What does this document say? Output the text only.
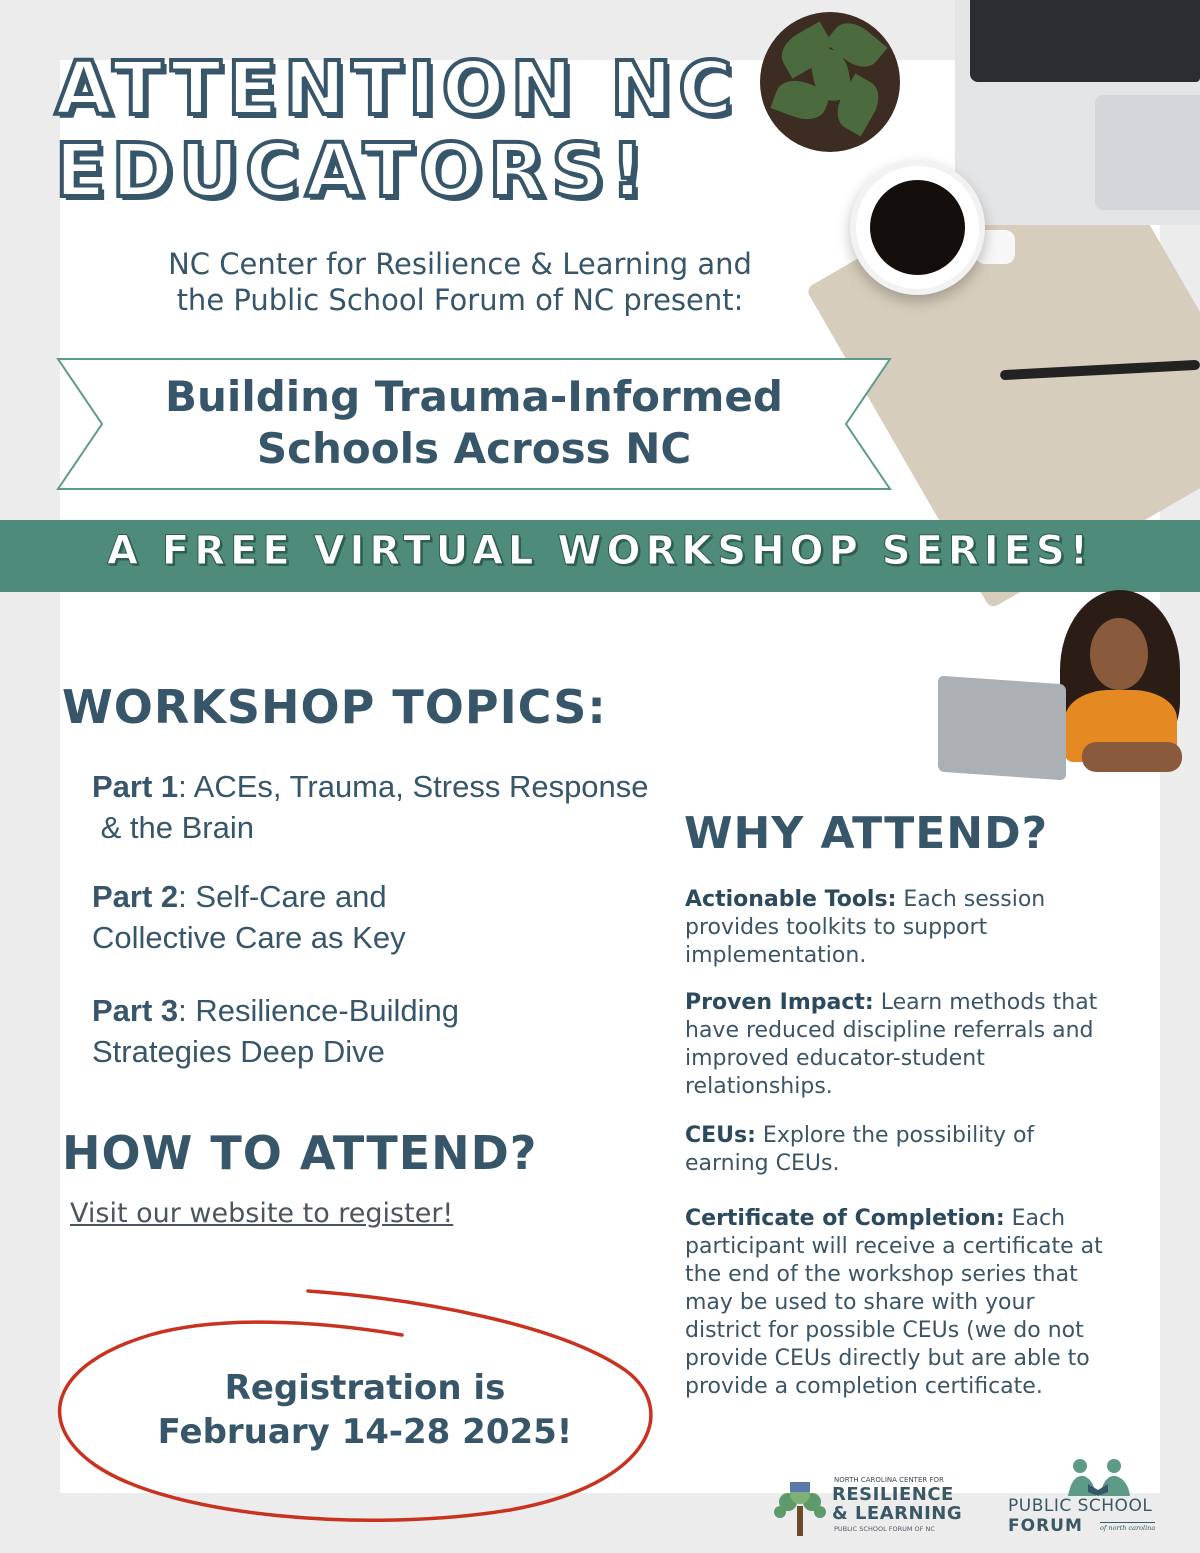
ATTENTION NC
EDUCATORS!
NC Center for Resilience & Learning and
the Public School Forum of NC present:
Building Trauma-Informed
Schools Across NC
A FREE VIRTUAL WORKSHOP SERIES!
WORKSHOP TOPICS:
Part 1: ACEs, Trauma, Stress Response
& the Brain
Part 2: Self-Care and
Collective Care as Key
Part 3: Resilience-Building
Strategies Deep Dive
HOW TO ATTEND?
Visit our website to register!
Registration is
February 14-28 2025!
WHY ATTEND?
Actionable Tools: Each session provides toolkits to support implementation.
Proven Impact: Learn methods that have reduced discipline referrals and improved educator-student relationships.
CEUs: Explore the possibility of earning CEUs.
Certificate of Completion: Each participant will receive a certificate at the end of the workshop series that may be used to share with your district for possible CEUs (we do not provide CEUs directly but are able to provide a completion certificate.
NORTH CAROLINA CENTER FOR
RESILIENCE
& LEARNING
PUBLIC SCHOOL FORUM OF NC
PUBLIC SCHOOL
FORUM	of north carolina
